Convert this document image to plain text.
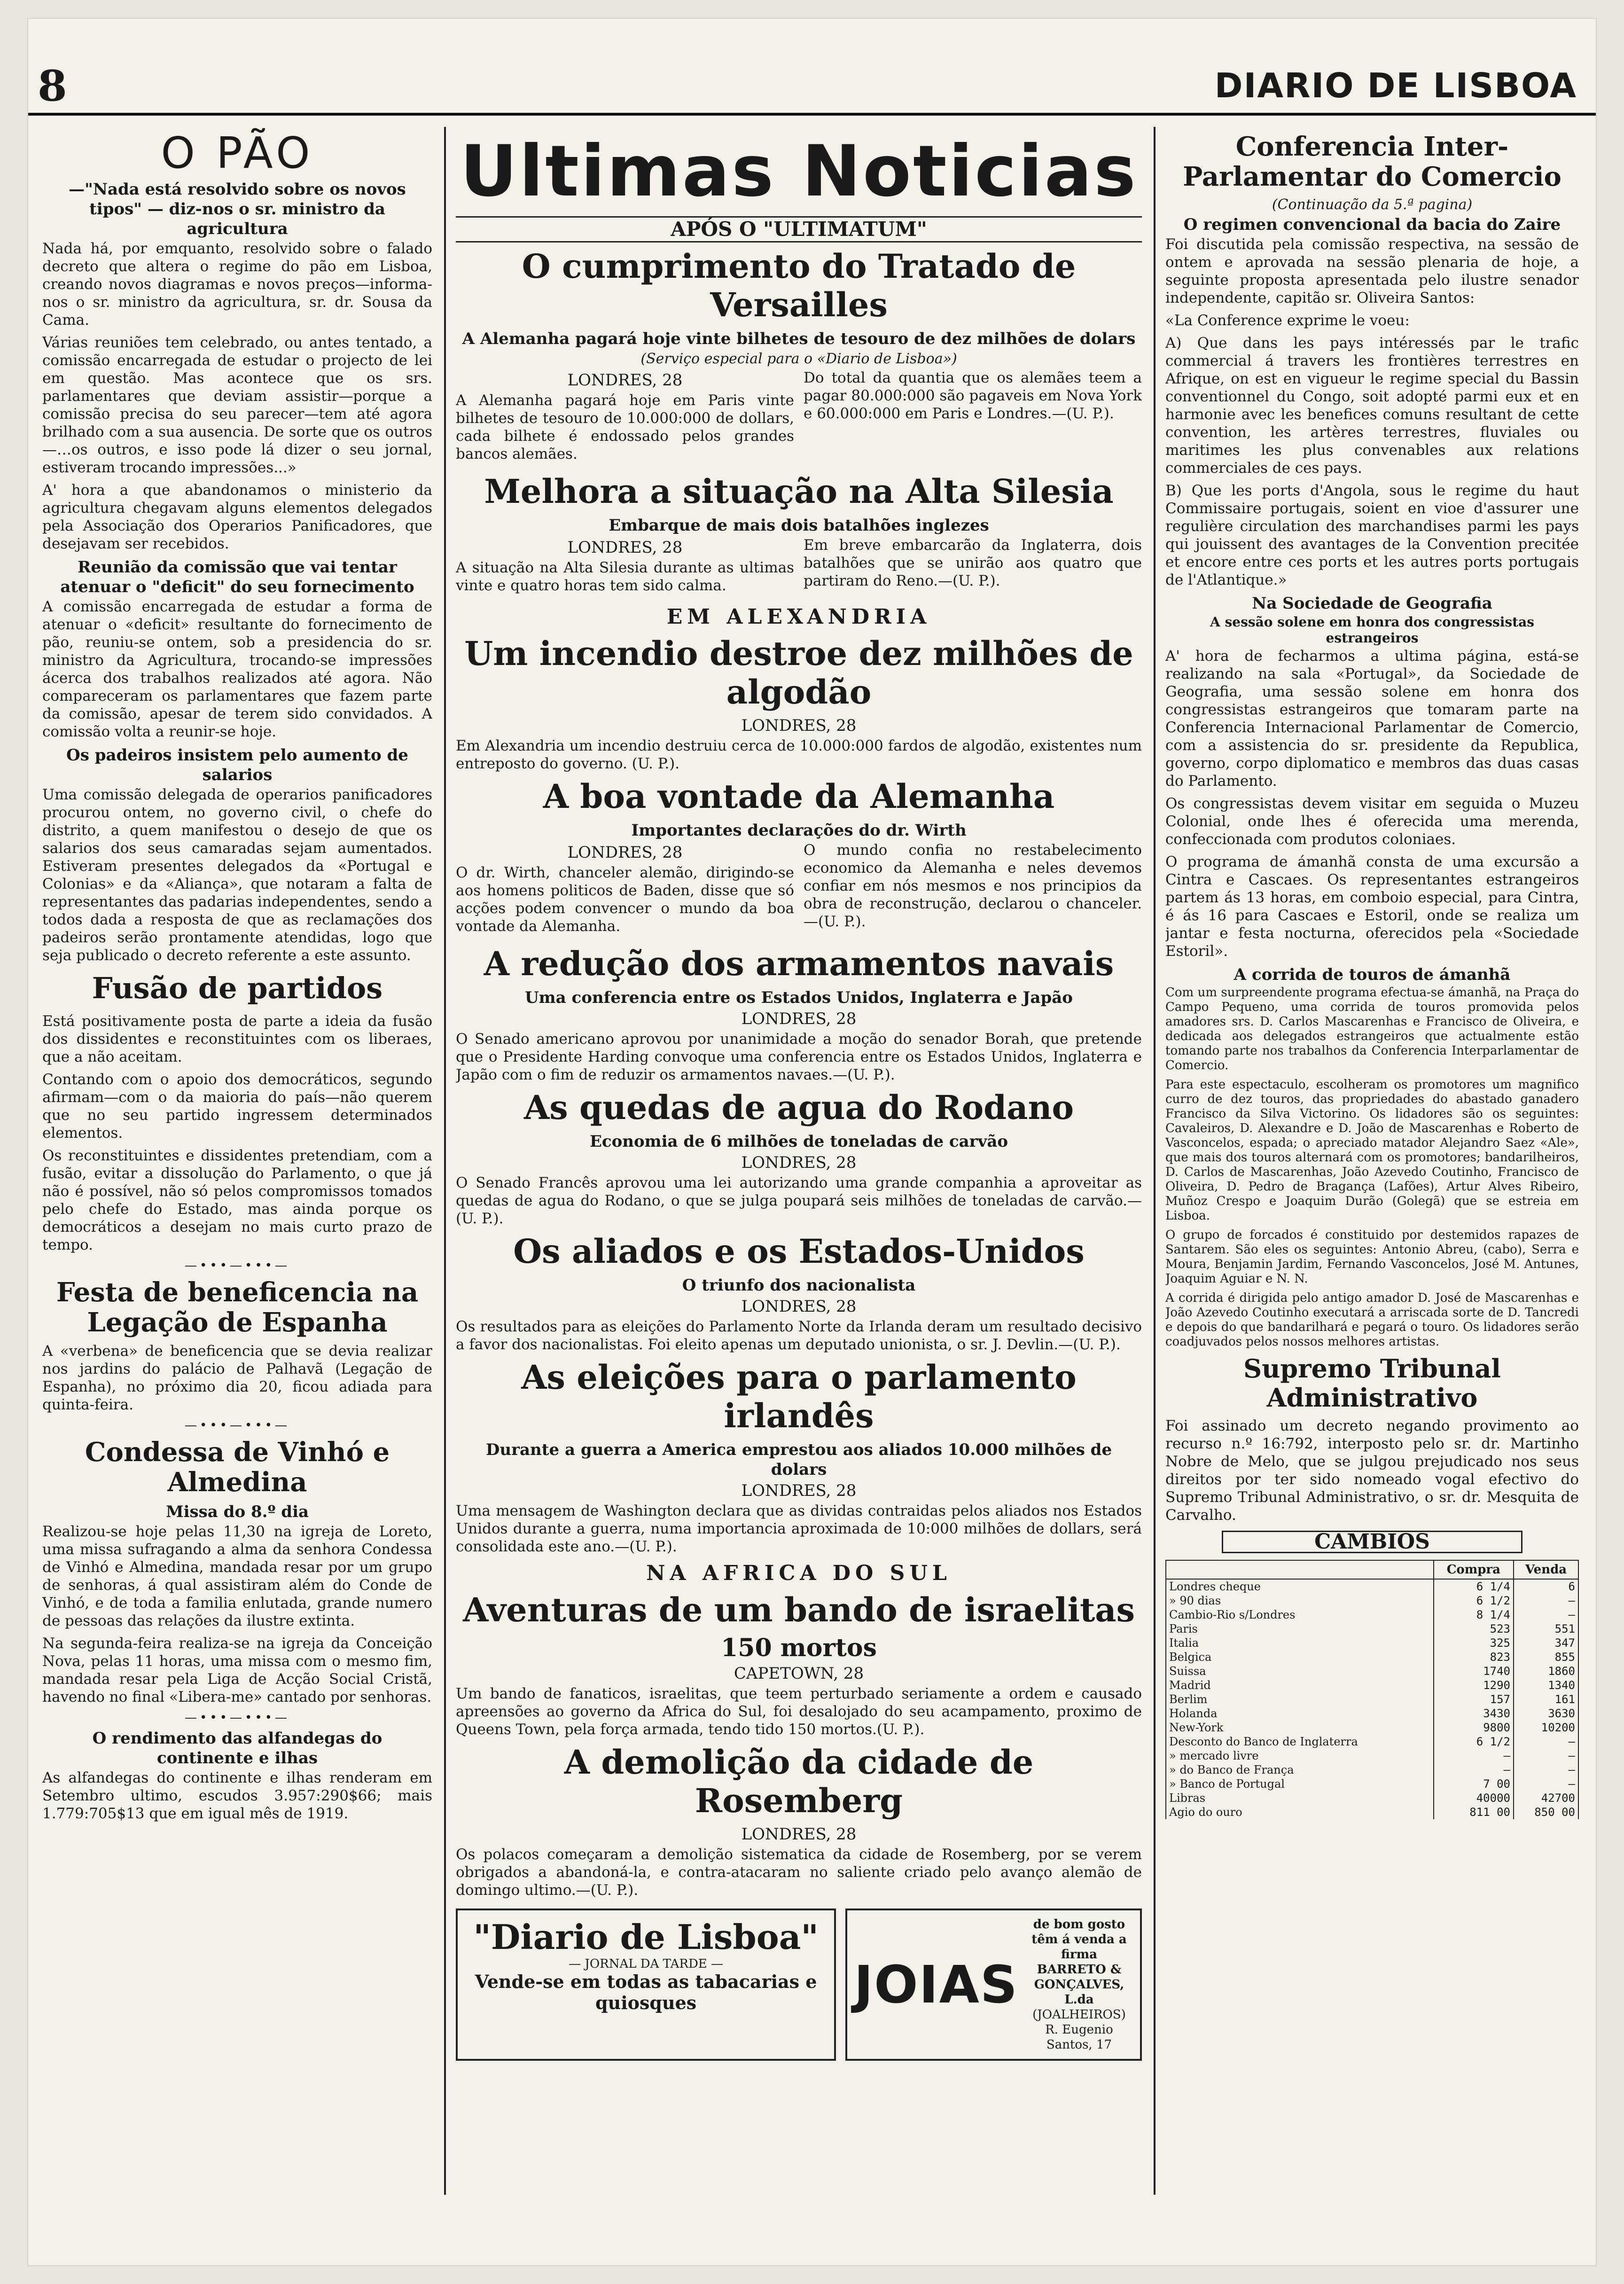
8	DIARIO DE LISBOA
O PÃO
—"Nada está resolvido sobre os novos tipos" — diz-nos o sr. ministro da agricultura

Nada há, por emquanto, resolvido sobre o falado decreto que altera o regime do pão em Lisboa, creando novos diagramas e novos preços—informa-nos o sr. ministro da agricultura, sr. dr. Sousa da Cama.

Várias reuniões tem celebrado, ou antes tentado, a comissão encarregada de estudar o projecto de lei em questão. Mas acontece que os srs. parlamentares que deviam assistir—porque a comissão precisa do seu parecer—tem até agora brilhado com a sua ausencia. De sorte que os outros—…os outros, e isso pode lá dizer o seu jornal, estiveram trocando impressões...»

A' hora a que abandonamos o ministerio da agricultura chegavam alguns elementos delegados pela Associação dos Operarios Panificadores, que desejavam ser recebidos.

Reunião da comissão que vai tentar atenuar o "deficit" do seu fornecimento

A comissão encarregada de estudar a forma de atenuar o «deficit» resultante do fornecimento de pão, reuniu-se ontem, sob a presidencia do sr. ministro da Agricultura, trocando-se impressões ácerca dos trabalhos realizados até agora. Não compareceram os parlamentares que fazem parte da comissão, apesar de terem sido convidados. A comissão volta a reunir-se hoje.

Os padeiros insistem pelo aumento de salarios

Uma comissão delegada de operarios panificadores procurou ontem, no governo civil, o chefe do distrito, a quem manifestou o desejo de que os salarios dos seus camaradas sejam aumentados. Estiveram presentes delegados da «Portugal e Colonias» e da «Aliança», que notaram a falta de representantes das padarias independentes, sendo a todos dada a resposta de que as reclamações dos padeiros serão prontamente atendidas, logo que seja publicado o decreto referente a este assunto.

Fusão de partidos

Está positivamente posta de parte a ideia da fusão dos dissidentes e reconstituintes com os liberaes, que a não aceitam.

Contando com o apoio dos democráticos, segundo afirmam—com o da maioria do país—não querem que no seu partido ingressem determinados elementos.

Os reconstituintes e dissidentes pretendiam, com a fusão, evitar a dissolução do Parlamento, o que já não é possível, não só pelos compromissos tomados pelo chefe do Estado, mas ainda porque os democráticos a desejam no mais curto prazo de tempo.

—•••—•••—
Festa de beneficencia na Legação de Espanha

A «verbena» de beneficencia que se devia realizar nos jardins do palácio de Palhavã (Legação de Espanha), no próximo dia 20, ficou adiada para quinta-feira.

—•••—•••—
Condessa de Vinhó e Almedina
Missa do 8.º dia

Realizou-se hoje pelas 11,30 na igreja de Loreto, uma missa sufragando a alma da senhora Condessa de Vinhó e Almedina, mandada resar por um grupo de senhoras, á qual assistiram além do Conde de Vinhó, e de toda a familia enlutada, grande numero de pessoas das relações da ilustre extinta.

Na segunda-feira realiza-se na igreja da Conceição Nova, pelas 11 horas, uma missa com o mesmo fim, mandada resar pela Liga de Acção Social Cristã, havendo no final «Libera-me» cantado por senhoras.

—•••—•••—
O rendimento das alfandegas do continente e ilhas

As alfandegas do continente e ilhas renderam em Setembro ultimo, escudos 3.957:290$66; mais 1.779:705$13 que em igual mês de 1919.

Ultimas Noticias
APÓS O "ULTIMATUM"
O cumprimento do Tratado de Versailles
A Alemanha pagará hoje vinte bilhetes de tesouro de dez milhões de dolars
(Serviço especial para o «Diario de Lisboa»)
LONDRES, 28

A Alemanha pagará hoje em Paris vinte bilhetes de tesouro de 10.000:000 de dollars, cada bilhete é endossado pelos grandes bancos alemães.

Do total da quantia que os alemães teem a pagar 80.000:000 são pagaveis em Nova York e 60.000:000 em Paris e Londres.—(U. P.).

Melhora a situação na Alta Silesia
Embarque de mais dois batalhões inglezes
LONDRES, 28

A situação na Alta Silesia durante as ultimas vinte e quatro horas tem sido calma.

Em breve embarcarão da Inglaterra, dois batalhões que se unirão aos quatro que partiram do Reno.—(U. P.).

EM ALEXANDRIA
Um incendio destroe dez milhões de algodão
LONDRES, 28

Em Alexandria um incendio destruiu cerca de 10.000:000 fardos de algodão, existentes num entreposto do governo. (U. P.).

A boa vontade da Alemanha
Importantes declarações do dr. Wirth
LONDRES, 28

O dr. Wirth, chanceler alemão, dirigindo-se aos homens politicos de Baden, disse que só acções podem convencer o mundo da boa vontade da Alemanha.

O mundo confia no restabelecimento economico da Alemanha e neles devemos confiar em nós mesmos e nos principios da obra de reconstrução, declarou o chanceler.—(U. P.).

A redução dos armamentos navais
Uma conferencia entre os Estados Unidos, Inglaterra e Japão
LONDRES, 28

O Senado americano aprovou por unanimidade a moção do senador Borah, que pretende que o Presidente Harding convoque uma conferencia entre os Estados Unidos, Inglaterra e Japão com o fim de reduzir os armamentos navaes.—(U. P.).

As quedas de agua do Rodano
Economia de 6 milhões de toneladas de carvão
LONDRES, 28

O Senado Francês aprovou uma lei autorizando uma grande companhia a aproveitar as quedas de agua do Rodano, o que se julga poupará seis milhões de toneladas de carvão.—(U. P.).

Os aliados e os Estados-Unidos
O triunfo dos nacionalista
LONDRES, 28

Os resultados para as eleições do Parlamento Norte da Irlanda deram um resultado decisivo a favor dos nacionalistas. Foi eleito apenas um deputado unionista, o sr. J. Devlin.—(U. P.).

As eleições para o parlamento irlandês
Durante a guerra a America emprestou aos aliados 10.000 milhões de dolars
LONDRES, 28

Uma mensagem de Washington declara que as dividas contraidas pelos aliados nos Estados Unidos durante a guerra, numa importancia aproximada de 10:000 milhões de dollars, será consolidada este ano.—(U. P.).

NA AFRICA DO SUL
Aventuras de um bando de israelitas
150 mortos
CAPETOWN, 28

Um bando de fanaticos, israelitas, que teem perturbado seriamente a ordem e causado apreensões ao governo da Africa do Sul, foi desalojado do seu acampamento, proximo de Queens Town, pela força armada, tendo tido 150 mortos.(U. P.).

A demolição da cidade de Rosemberg
LONDRES, 28

Os polacos começaram a demolição sistematica da cidade de Rosemberg, por se verem obrigados a abandoná-la, e contra-atacaram no saliente criado pelo avanço alemão de domingo ultimo.—(U. P.).

"Diario de Lisboa"
— JORNAL DA TARDE —
Vende-se em todas as tabacarias e quiosques	JOIAS
de bom gosto têm á venda a firma
BARRETO & GONÇALVES, L.da
(JOALHEIROS)
R. Eugenio Santos, 17
Conferencia Inter-Parlamentar do Comercio
(Continuação da 5.ª pagina)
O regimen convencional da bacia do Zaire

Foi discutida pela comissão respectiva, na sessão de ontem e aprovada na sessão plenaria de hoje, a seguinte proposta apresentada pelo ilustre senador independente, capitão sr. Oliveira Santos:

«La Conference exprime le voeu:

A) Que dans les pays intéressés par le trafic commercial á travers les frontières terrestres en Afrique, on est en vigueur le regime special du Bassin conventionnel du Congo, soit adopté parmi eux et en harmonie avec les benefices comuns resultant de cette convention, les artères terrestres, fluviales ou maritimes les plus convenables aux relations commerciales de ces pays.

B) Que les ports d'Angola, sous le regime du haut Commissaire portugais, soient en vioe d'assurer une regulière circulation des marchandises parmi les pays qui jouissent des avantages de la Convention precitée et encore entre ces ports et les autres ports portugais de l'Atlantique.»

Na Sociedade de Geografia
A sessão solene em honra dos congressistas estrangeiros

A' hora de fecharmos a ultima página, está-se realizando na sala «Portugal», da Sociedade de Geografia, uma sessão solene em honra dos congressistas estrangeiros que tomaram parte na Conferencia Internacional Parlamentar de Comercio, com a assistencia do sr. presidente da Republica, governo, corpo diplomatico e membros das duas casas do Parlamento.

Os congressistas devem visitar em seguida o Muzeu Colonial, onde lhes é oferecida uma merenda, confeccionada com produtos coloniaes.

O programa de ámanhã consta de uma excursão a Cintra e Cascaes. Os representantes estrangeiros partem ás 13 horas, em comboio especial, para Cintra, é ás 16 para Cascaes e Estoril, onde se realiza um jantar e festa nocturna, oferecidos pela «Sociedade Estoril».

A corrida de touros de ámanhã

Com um surpreendente programa efectua-se ámanhã, na Praça do Campo Pequeno, uma corrida de touros promovida pelos amadores srs. D. Carlos Mascarenhas e Francisco de Oliveira, e dedicada aos delegados estrangeiros que actualmente estão tomando parte nos trabalhos da Conferencia Interparlamentar de Comercio.

Para este espectaculo, escolheram os promotores um magnifico curro de dez touros, das propriedades do abastado ganadero Francisco da Silva Victorino. Os lidadores são os seguintes: Cavaleiros, D. Alexandre e D. João de Mascarenhas e Roberto de Vasconcelos, espada; o apreciado matador Alejandro Saez «Ale», que mais dos touros alternará com os promotores; bandarilheiros, D. Carlos de Mascarenhas, João Azevedo Coutinho, Francisco de Oliveira, D. Pedro de Bragança (Lafões), Artur Alves Ribeiro, Muñoz Crespo e Joaquim Durão (Golegã) que se estreia em Lisboa.

O grupo de forcados é constituido por destemidos rapazes de Santarem. São eles os seguintes: Antonio Abreu, (cabo), Serra e Moura, Benjamin Jardim, Fernando Vasconcelos, José M. Antunes, Joaquim Aguiar e N. N.

A corrida é dirigida pelo antigo amador D. José de Mascarenhas e João Azevedo Coutinho executará a arriscada sorte de D. Tancredi e depois do que bandarilhará e pegará o touro. Os lidadores serão coadjuvados pelos nossos melhores artistas.

Supremo Tribunal Administrativo

Foi assinado um decreto negando provimento ao recurso n.º 16:792, interposto pelo sr. dr. Martinho Nobre de Melo, que se julgou prejudicado nos seus direitos por ter sido nomeado vogal efectivo do Supremo Tribunal Administrativo, o sr. dr. Mesquita de Carvalho.

CAMBIOS
	Compra	Venda
Londres cheque	6 1/4	6
» 90 dias	6 1/2	—
Cambio-Rio s/Londres	8 1/4	—
Paris	523	551
Italia	325	347
Belgica	823	855
Suissa	1740	1860
Madrid	1290	1340
Berlim	157	161
Holanda	3430	3630
New-York	9800	10200
Desconto do Banco de Inglaterra	6 1/2	—
» mercado livre	—	—
» do Banco de França	—	—
» Banco de Portugal	7 00	—
Libras	40000	42700
Agio do ouro	811 00	850 00
